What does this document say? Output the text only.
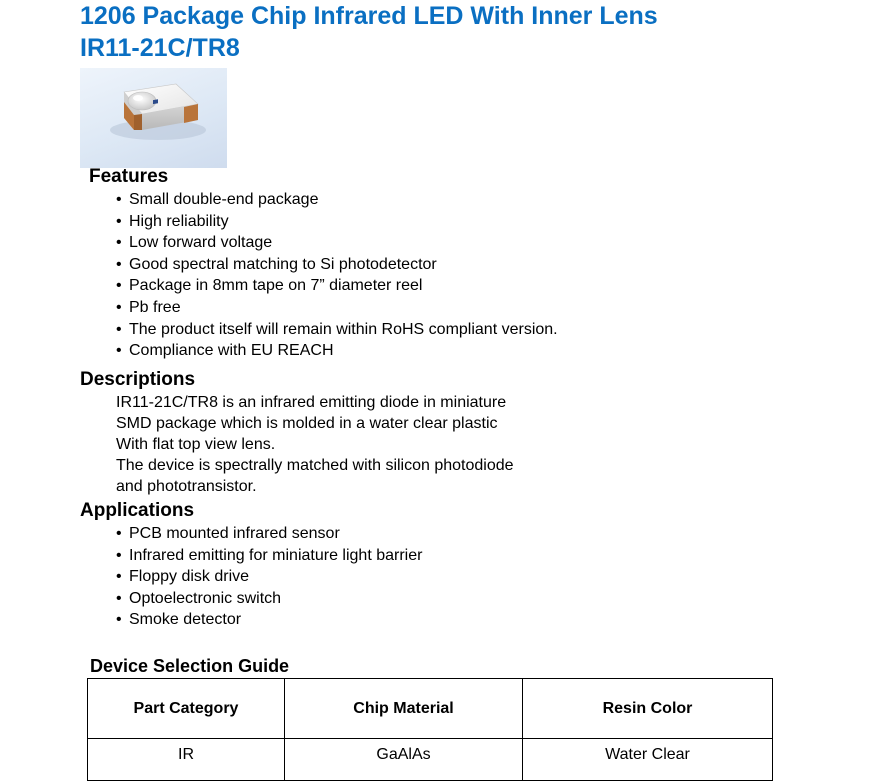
1206 Package Chip Infrared LED With Inner Lens
IR11-21C/TR8
Features
• Small double-end package
• High reliability
• Low forward voltage
• Good spectral matching to Si photodetector
• Package in 8mm tape on 7” diameter reel
• Pb free
• The product itself will remain within RoHS compliant version.
• Compliance with EU REACH
Descriptions

IR11-21C/TR8 is an infrared emitting diode in miniature

SMD package which is molded in a water clear plastic

With flat top view lens.

The device is spectrally matched with silicon photodiode

and phototransistor.

Applications
• PCB mounted infrared sensor
• Infrared emitting for miniature light barrier
• Floppy disk drive
• Optoelectronic switch
• Smoke detector
Device Selection Guide
Part Category	Chip Material	Resin Color
IR	GaAlAs	Water Clear
